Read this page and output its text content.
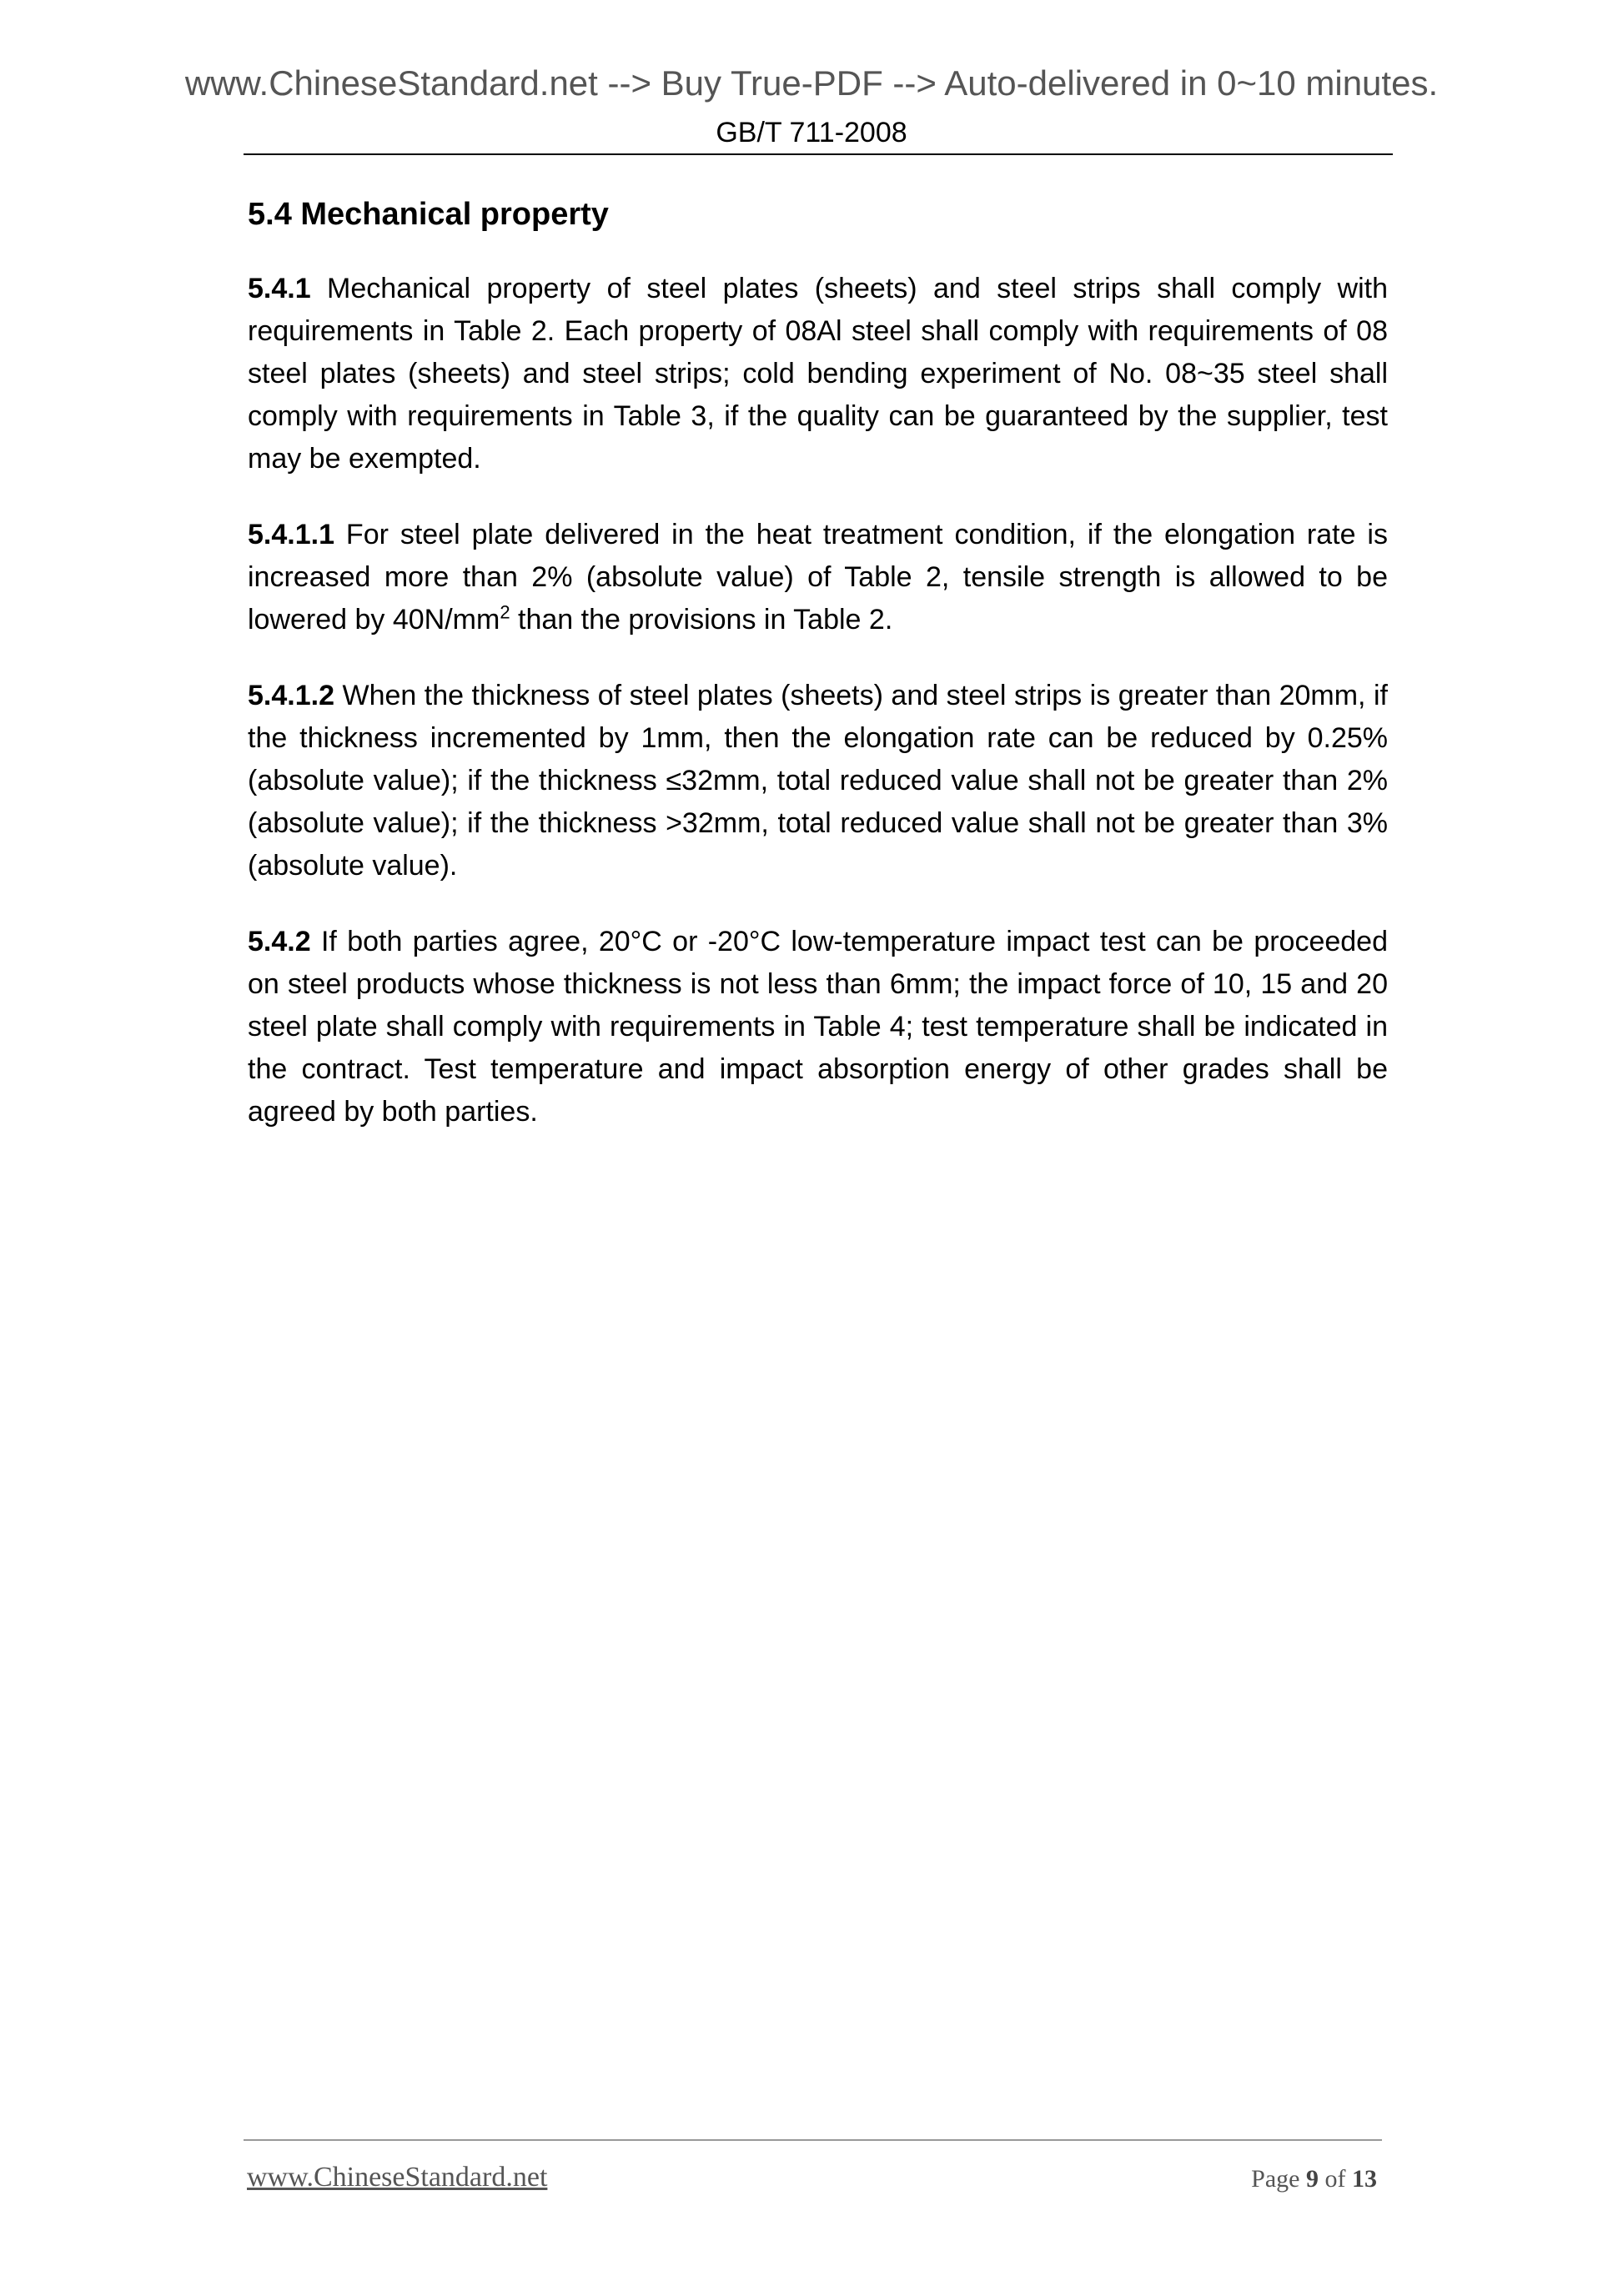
www.ChineseStandard.net --> Buy True-PDF --> Auto-delivered in 0~10 minutes.
GB/T 711-2008
5.4 Mechanical property

5.4.1 Mechanical property of steel plates (sheets) and steel strips shall comply with requirements in Table 2. Each property of 08Al steel shall comply with requirements of 08 steel plates (sheets) and steel strips; cold bending experiment of No. 08~35 steel shall comply with requirements in Table 3, if the quality can be guaranteed by the supplier, test may be exempted.

5.4.1.1 For steel plate delivered in the heat treatment condition, if the elongation rate is increased more than 2% (absolute value) of Table 2, tensile strength is allowed to be lowered by $40N/mm^2$ than the provisions in Table 2.

5.4.1.2 When the thickness of steel plates (sheets) and steel strips is greater than 20mm, if the thickness incremented by 1mm, then the elongation rate can be reduced by 0.25% (absolute value); if the thickness ≤32mm, total reduced value shall not be greater than 2% (absolute value); if the thickness >32mm, total reduced value shall not be greater than 3% (absolute value).

5.4.2 If both parties agree, 20°C or -20°C low-temperature impact test can be proceeded on steel products whose thickness is not less than 6mm; the impact force of 10, 15 and 20 steel plate shall comply with requirements in Table 4; test temperature shall be indicated in the contract. Test temperature and impact absorption energy of other grades shall be agreed by both parties.

www.ChineseStandard.net	Page 9 of 13
